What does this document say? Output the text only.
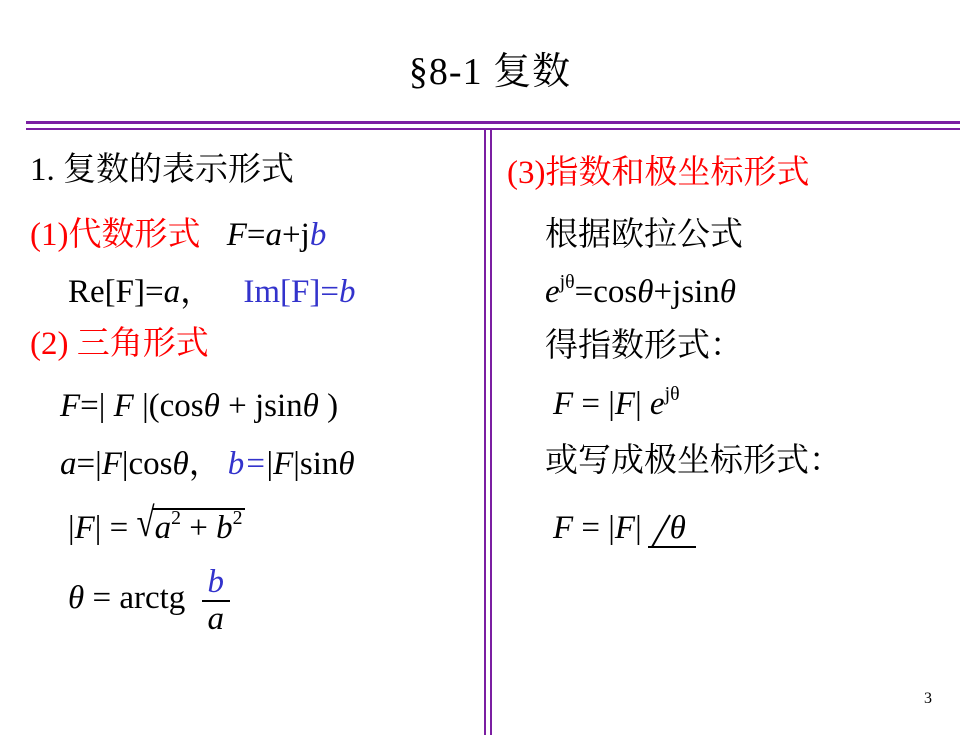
§8-1 复数
1. 复数的表示形式
(1)代数形式 F=a+jb
Re[F]=a， Im[F]=b
(2) 三角形式
F=| F |(cosθ + jsinθ )
a=|F|cosθ， b=|F|sinθ
$|F| = √a^2 + b^2$
θ = arctg $\frac{b}{a}$
(3)指数和极坐标形式
根据欧拉公式
$e^{j\theta}=\cos\theta+jsin\theta$
得指数形式：
F = |F| $e^{j\theta}$
或写成极坐标形式：
F = |F| θ
3
